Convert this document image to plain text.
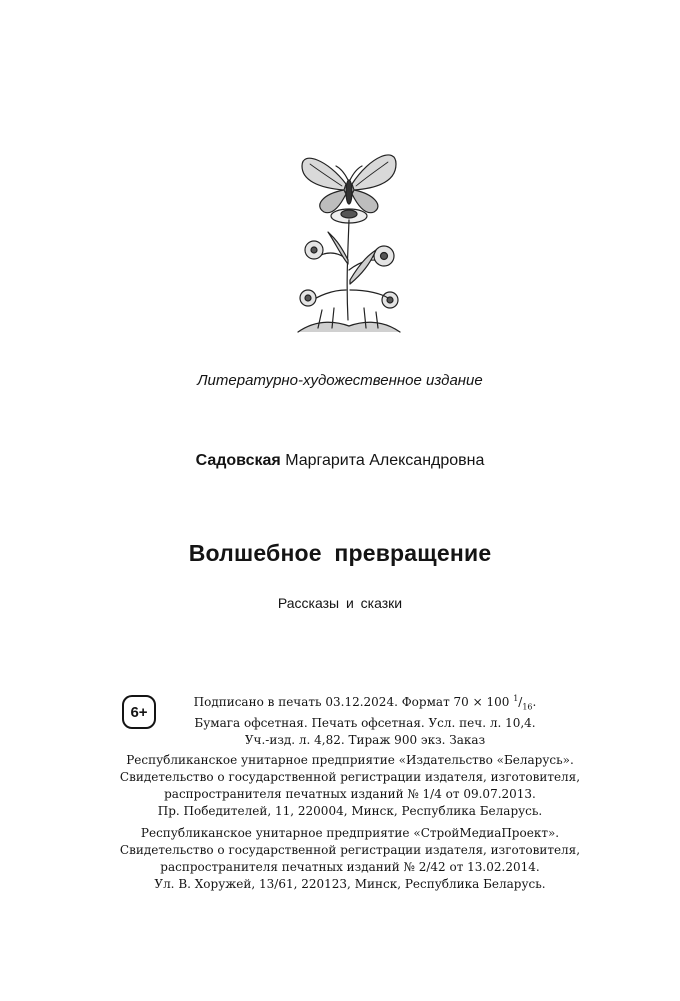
Литературно-художественное издание
Садовская Маргарита Александровна
Волшебное превращение
Рассказы и сказки
6+
Подписано в печать 03.12.2024. Формат 70 × 100 $^1/_{16}$.
Бумага офсетная. Печать офсетная. Усл. печ. л. 10,4.
Уч.-изд. л. 4,82. Тираж 900 экз. Заказ
Республиканское унитарное предприятие «Издательство «Беларусь».
Свидетельство о государственной регистрации издателя, изготовителя,
распространителя печатных изданий № 1/4 от 09.07.2013.
Пр. Победителей, 11, 220004, Минск, Республика Беларусь.
Республиканское унитарное предприятие «СтройМедиаПроект».
Свидетельство о государственной регистрации издателя, изготовителя,
распространителя печатных изданий № 2/42 от 13.02.2014.
Ул. В. Хоружей, 13/61, 220123, Минск, Республика Беларусь.
